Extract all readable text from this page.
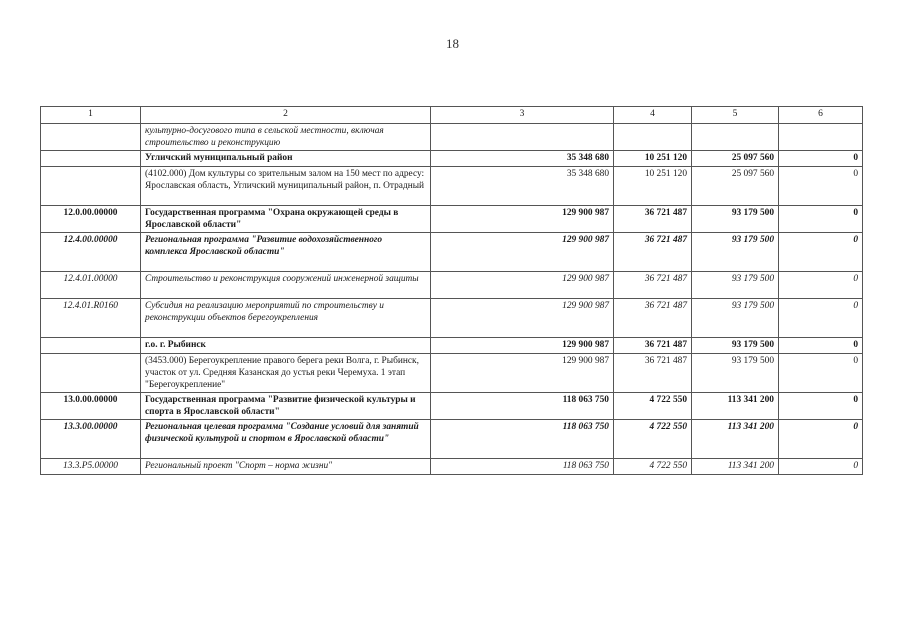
18
1	2	3	4	5	6
	культурно-досугового типа в сельской местности, включая строительство и реконструкцию				
	Угличский муниципальный район	35 348 680	10 251 120	25 097 560	0
	(4102.000) Дом культуры со зрительным залом на 150 мест по адресу: Ярославская область, Угличский муниципальный район, п. Отрадный	35 348 680	10 251 120	25 097 560	0
12.0.00.00000	Государственная программа "Охрана окружающей среды в Ярославской области"	129 900 987	36 721 487	93 179 500	0
12.4.00.00000	Региональная программа "Развитие водохозяйственного комплекса Ярославской области"	129 900 987	36 721 487	93 179 500	0
12.4.01.00000	Строительство и реконструкция сооружений инженерной защиты	129 900 987	36 721 487	93 179 500	0
12.4.01.R0160	Субсидия на реализацию мероприятий по строительству и реконструкции объектов берегоукрепления	129 900 987	36 721 487	93 179 500	0
	г.о. г. Рыбинск	129 900 987	36 721 487	93 179 500	0
	(3453.000) Берегоукрепление правого берега реки Волга, г. Рыбинск, участок от ул. Средняя Казанская до устья реки Черемуха. 1 этап "Берегоукрепление"	129 900 987	36 721 487	93 179 500	0
13.0.00.00000	Государственная программа "Развитие физической культуры и спорта в Ярославской области"	118 063 750	4 722 550	113 341 200	0
13.3.00.00000	Региональная целевая программа "Создание условий для занятий физической культурой и спортом в Ярославской области"	118 063 750	4 722 550	113 341 200	0
13.3.P5.00000	Региональный проект "Спорт – норма жизни"	118 063 750	4 722 550	113 341 200	0
